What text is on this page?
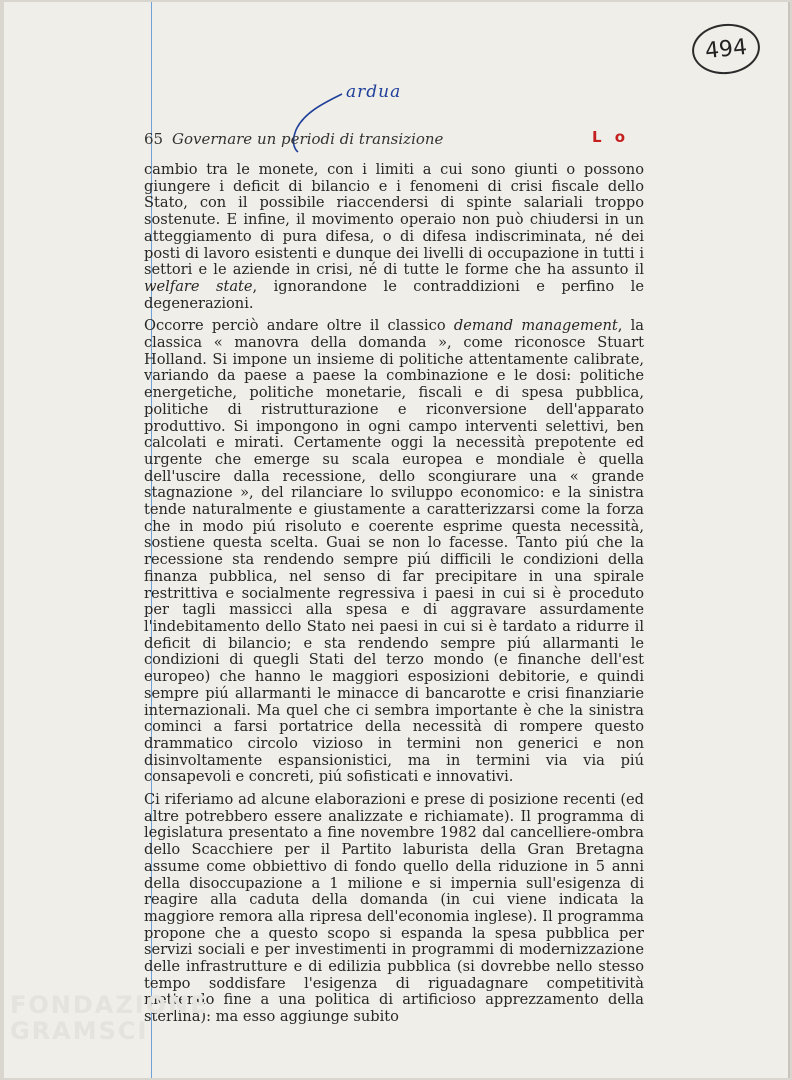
494
ardua
65 Governare un periodi di transizione	L o

cambio tra le monete, con i limiti a cui sono giunti o possono giungere i deficit di bilancio e i fenomeni di crisi fiscale dello Stato, con il possibile riaccendersi di spinte salariali troppo sostenute. E infine, il movimento operaio non può chiudersi in un atteggiamento di pura difesa, o di difesa indiscriminata, né dei posti di lavoro esistenti e dunque dei livelli di occupazione in tutti i settori e le aziende in crisi, né di tutte le forme che ha assunto il welfare state, ignorandone le contraddizioni e perfino le degenerazioni.

Occorre perciò andare oltre il classico demand management, la classica « manovra della domanda », come riconosce Stuart Holland. Si impone un insieme di politiche attentamente calibrate, variando da paese a paese la combinazione e le dosi: politiche energetiche, politiche monetarie, fiscali e di spesa pubblica, politiche di ristrutturazione e riconversione dell'apparato produttivo. Si impongono in ogni campo interventi selettivi, ben calcolati e mirati. Certamente oggi la necessità prepotente ed urgente che emerge su scala europea e mondiale è quella dell'uscire dalla recessione, dello scongiurare una « grande stagnazione », del rilanciare lo sviluppo economico: e la sinistra tende naturalmente e giustamente a caratterizzarsi come la forza che in modo piú risoluto e coerente esprime questa necessità, sostiene questa scelta. Guai se non lo facesse. Tanto piú che la recessione sta rendendo sempre piú difficili le condizioni della finanza pubblica, nel senso di far precipitare in una spirale restrittiva e socialmente regressiva i paesi in cui si è proceduto per tagli massicci alla spesa e di aggravare assurdamente l'indebitamento dello Stato nei paesi in cui si è tardato a ridurre il deficit di bilancio; e sta rendendo sempre piú allarmanti le condizioni di quegli Stati del terzo mondo (e finanche dell'est europeo) che hanno le maggiori esposizioni debitorie, e quindi sempre piú allarmanti le minacce di bancarotte e crisi finanziarie internazionali. Ma quel che ci sembra importante è che la sinistra cominci a farsi portatrice della necessità di rompere questo drammatico circolo vizioso in termini non generici e non disinvoltamente espansionistici, ma in termini via via piú consapevoli e concreti, piú sofisticati e innovativi.

Ci riferiamo ad alcune elaborazioni e prese di posizione recenti (ed altre potrebbero essere analizzate e richiamate). Il programma di legislatura presentato a fine novembre 1982 dal cancelliere-ombra dello Scacchiere per il Partito laburista della Gran Bretagna assume come obbiettivo di fondo quello della riduzione in 5 anni della disoccupazione a 1 milione e si impernia sull'esigenza di reagire alla caduta della domanda (in cui viene indicata la maggiore remora alla ripresa dell'economia inglese). Il programma propone che a questo scopo si espanda la spesa pubblica per servizi sociali e per investimenti in programmi di modernizzazione delle infrastrutture e di edilizia pubblica (si dovrebbe nello stesso tempo soddisfare l'esigenza di riguadagnare competitività mettendo fine a una politica di artificioso apprezzamento della sterlina): ma esso aggiunge subito

FONDAZIONE
GRAMSCI
